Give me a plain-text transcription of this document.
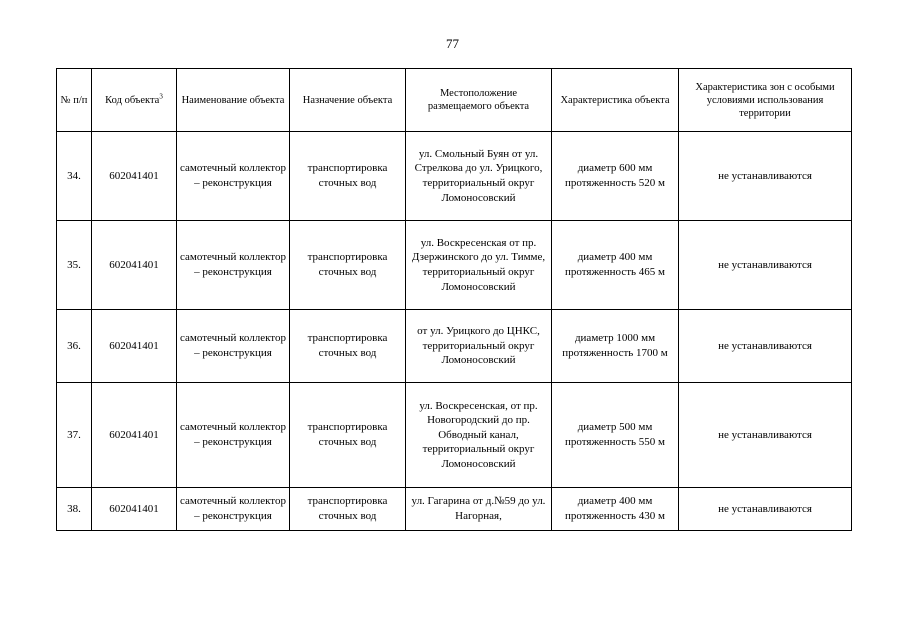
77
№ п/п	Код объекта$^3$	Наименование объекта	Назначение объекта	Местоположение размещаемого объекта	Характеристика объекта	Характеристика зон с особыми условиями использования территории
34.	602041401	самотечный коллектор – реконструкция	транспортировка сточных вод	ул. Смольный Буян от ул. Стрелкова до ул. Урицкого, территориальный округ Ломоносовский	диаметр 600 мм протяженность 520 м	не устанавливаются
35.	602041401	самотечный коллектор – реконструкция	транспортировка сточных вод	ул. Воскресенская от пр. Дзержинского до ул. Тимме, территориальный округ Ломоносовский	диаметр 400 мм протяженность 465 м	не устанавливаются
36.	602041401	самотечный коллектор – реконструкция	транспортировка сточных вод	от ул. Урицкого до ЦНКС, территориальный округ Ломоносовский	диаметр 1000 мм протяженность 1700 м	не устанавливаются
37.	602041401	самотечный коллектор – реконструкция	транспортировка сточных вод	ул. Воскресенская, от пр. Новогородский до пр. Обводный канал, территориальный округ Ломоносовский	диаметр 500 мм протяженность 550 м	не устанавливаются
38.	602041401	самотечный коллектор – реконструкция	транспортировка сточных вод	ул. Гагарина от д.№59 до ул. Нагорная,	диаметр 400 мм протяженность 430 м	не устанавливаются
